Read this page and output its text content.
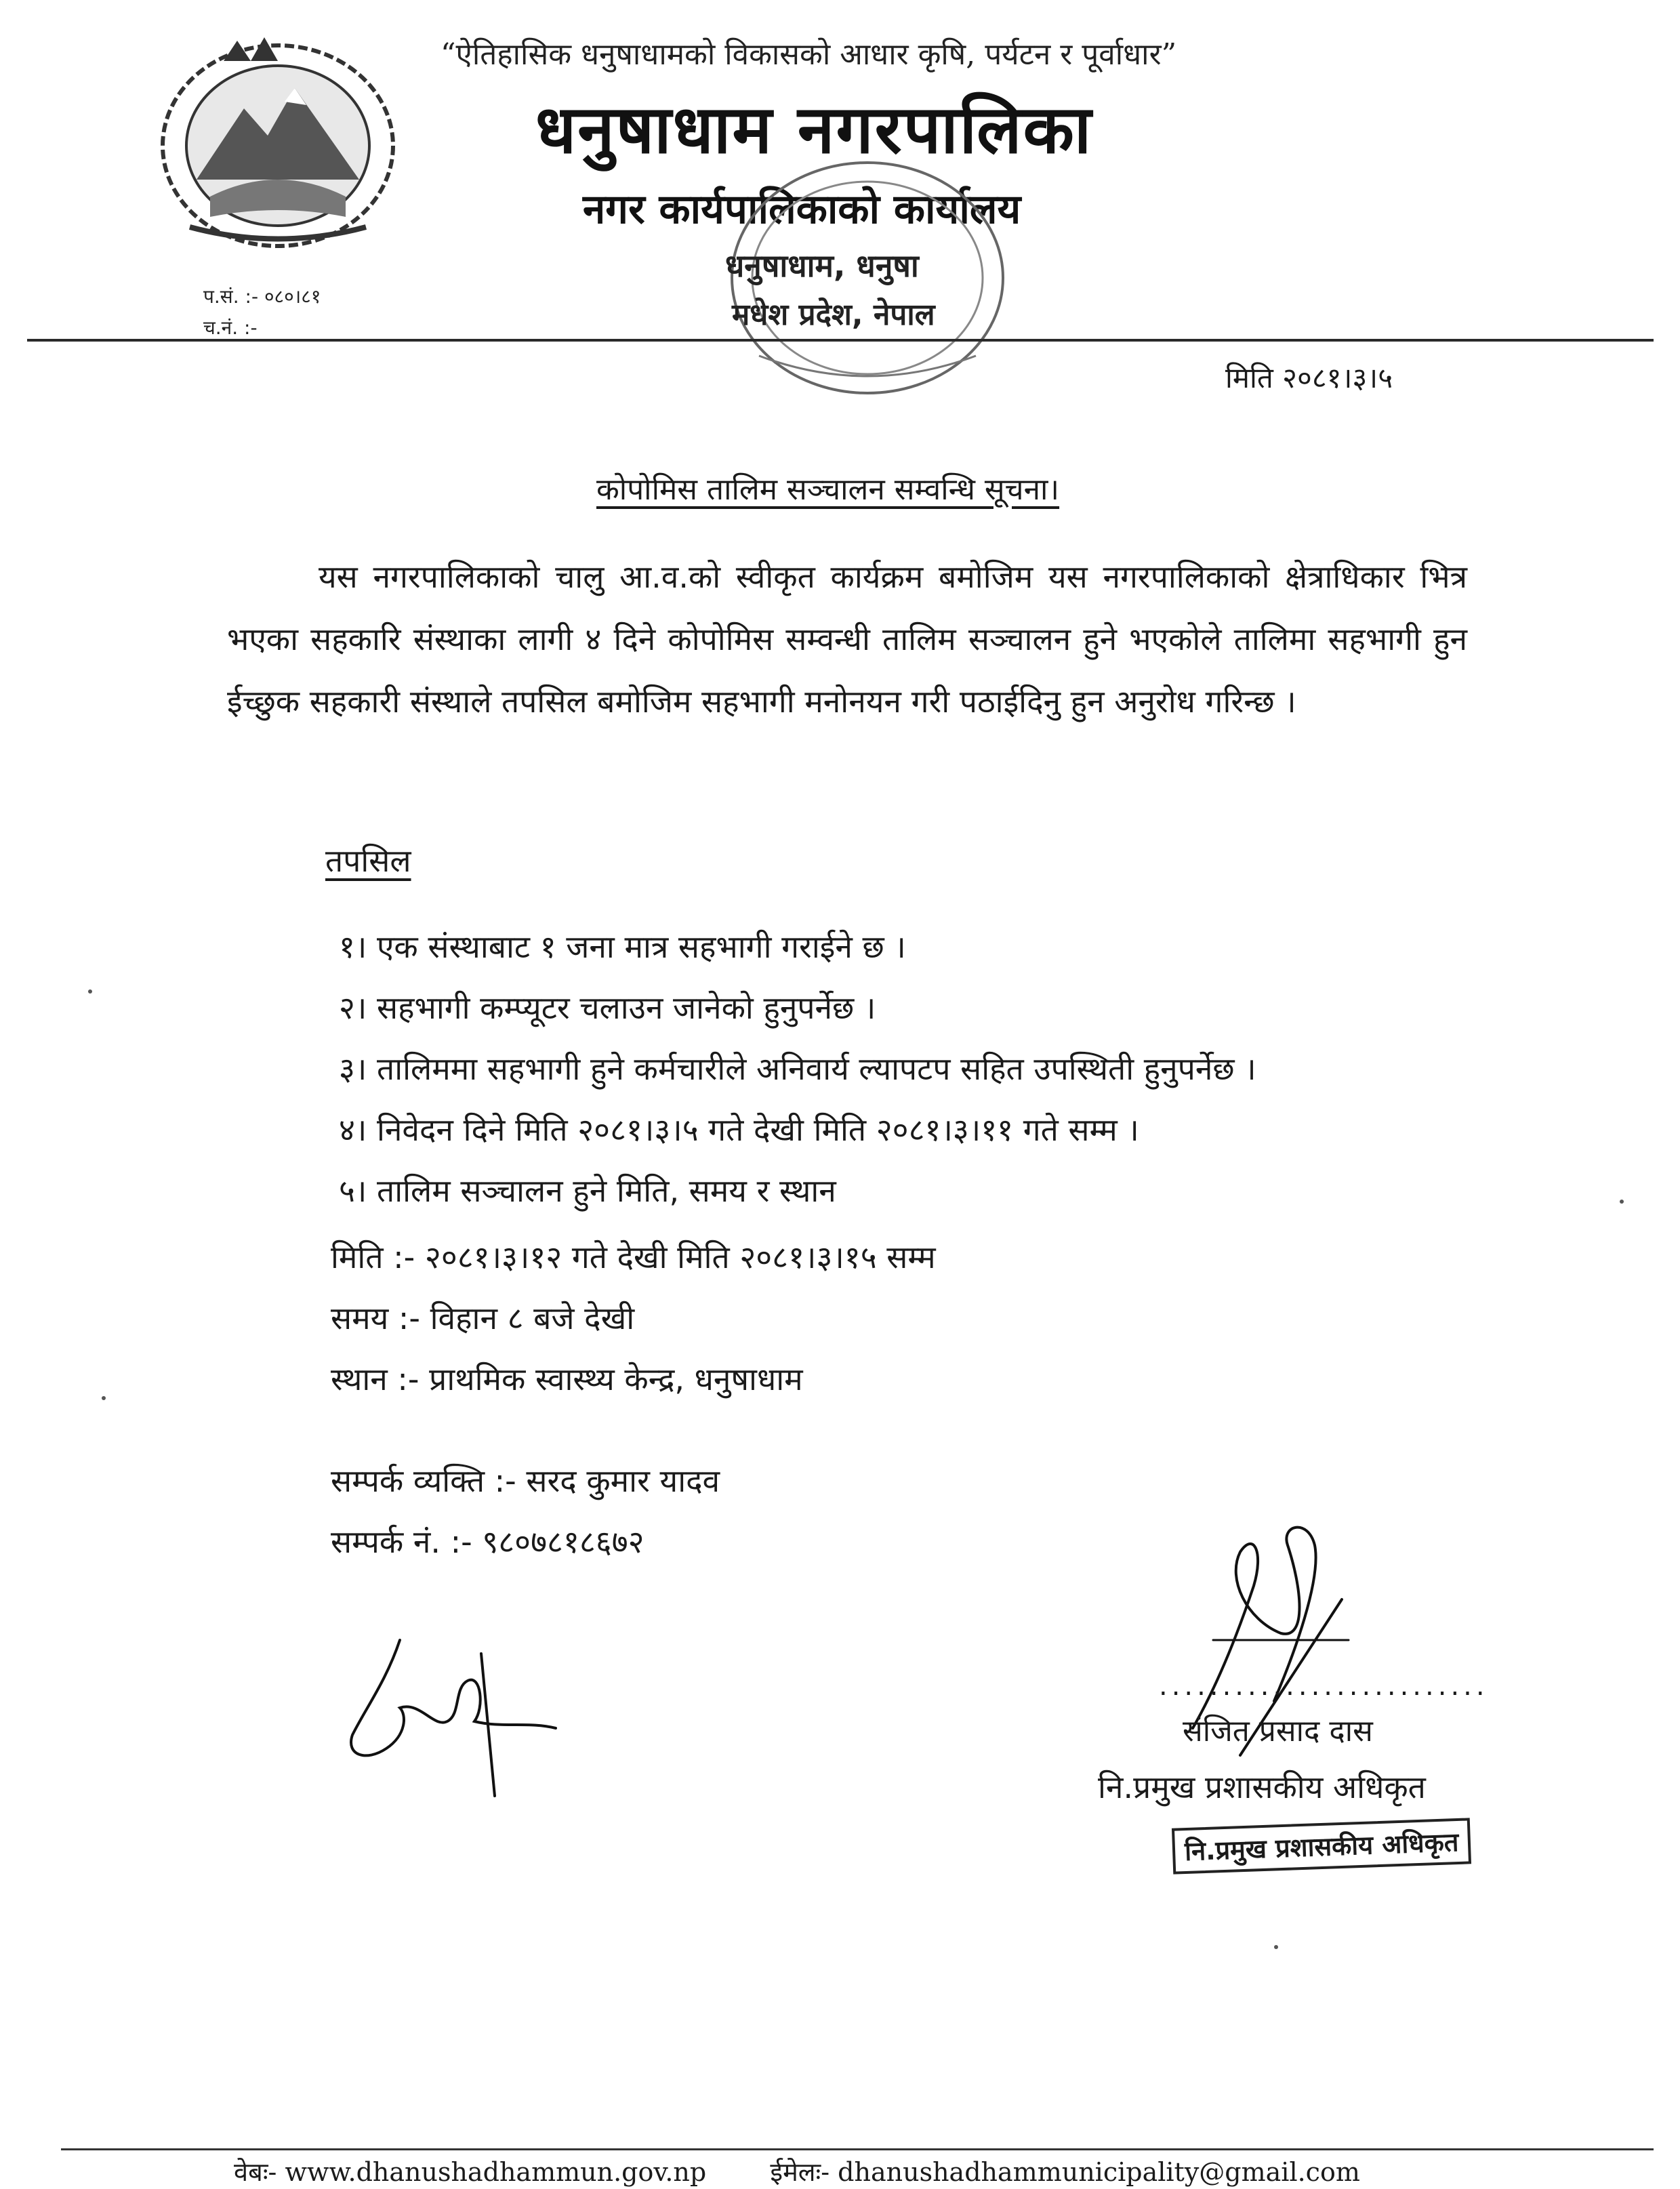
“ऐतिहासिक धनुषाधामको विकासको आधार कृषि, पर्यटन र पूर्वाधार”
धनुषाधाम नगरपालिका
नगर कार्यपालिकाको कार्यालय
धनुषाधाम, धनुषा
मधेश प्रदेश, नेपाल
प.सं. :- ०८०।८१
च.नं. :-
मिति २०८१।३।५
कोपोमिस तालिम सञ्चालन सम्वन्धि सूचना।
यस नगरपालिकाको चालु आ.व.को स्वीकृत कार्यक्रम बमोजिम यस नगरपालिकाको क्षेत्राधिकार भित्र भएका सहकारि संस्थाका लागी ४ दिने कोपोमिस सम्वन्धी तालिम सञ्चालन हुने भएकोले तालिमा सहभागी हुन ईच्छुक सहकारी संस्थाले तपसिल बमोजिम सहभागी मनोनयन गरी पठाईदिनु हुन अनुरोध गरिन्छ ।
तपसिल
१। एक संस्थाबाट १ जना मात्र सहभागी गराईने छ ।
२। सहभागी कम्प्यूटर चलाउन जानेको हुनुपर्नेछ ।
३। तालिममा सहभागी हुने कर्मचारीले अनिवार्य ल्यापटप सहित उपस्थिती हुनुपर्नेछ ।
४। निवेदन दिने मिति २०८१।३।५ गते देखी मिति २०८१।३।११ गते सम्म ।
५। तालिम सञ्चालन हुने मिति, समय र स्थान
मिति :- २०८१।३।१२ गते देखी मिति २०८१।३।१५ सम्म
समय :- विहान ८ बजे देखी
स्थान :- प्राथमिक स्वास्थ्य केन्द्र, धनुषाधाम
सम्पर्क व्यक्ति :- सरद कुमार यादव
सम्पर्क नं. :- ९८०७८१८६७२
..........................
संजित प्रसाद दास
नि.प्रमुख प्रशासकीय अधिकृत
नि.प्रमुख प्रशासकीय अधिकृत
वेबः- www.dhanushadhammun.gov.np ईमेलः- dhanushadhammunicipality@gmail.com
